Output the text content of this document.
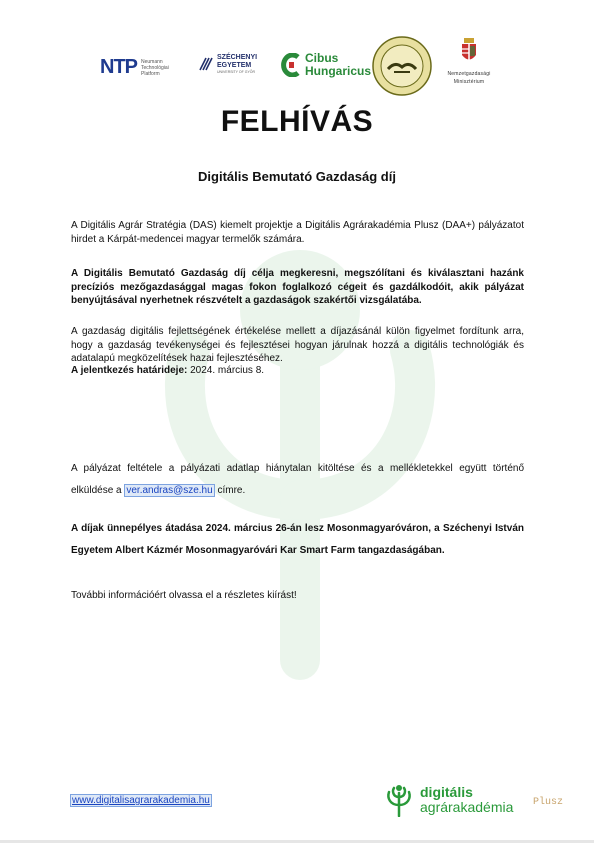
NTP Neumann
Technológiai
Platform
SZÉCHENYI
EGYETEM
UNIVERSITY OF GYŐR
Cibus
Hungaricus	Nemzetgazdasági
Minisztérium
FELHÍVÁS
Digitális Bemutató Gazdaság díj
A Digitális Agrár Stratégia (DAS) kiemelt projektje a Digitális Agrárakadémia Plusz (DAA+) pályázatot hirdet a Kárpát-medencei magyar termelők számára.
A Digitális Bemutató Gazdaság díj célja megkeresni, megszólítani és kiválasztani hazánk precíziós mezőgazdasággal magas fokon foglalkozó cégeit és gazdálkodóit, akik pályázat benyújtásával nyerhetnek részvételt a gazdaságok szakértői vizsgálatába.
A gazdaság digitális fejlettségének értékelése mellett a díjazásánál külön figyelmet fordítunk arra, hogy a gazdaság tevékenységei és fejlesztései hogyan járulnak hozzá a digitális technológiák és adatalapú megközelítések hazai fejlesztéséhez.
A jelentkezés határideje: 2024. március 8.
A pályázat feltétele a pályázati adatlap hiánytalan kitöltése és a mellékletekkel együtt történő elküldése a ver.andras@sze.hu címre.
A díjak ünnepélyes átadása 2024. március 26-án lesz Mosonmagyaróváron, a Széchenyi István Egyetem Albert Kázmér Mosonmagyaróvári Kar Smart Farm tangazdaságában.
További információért olvassa el a részletes kiírást!
www.digitalisagrarakademia.hu
digitális
agrárakadémia Plusz
